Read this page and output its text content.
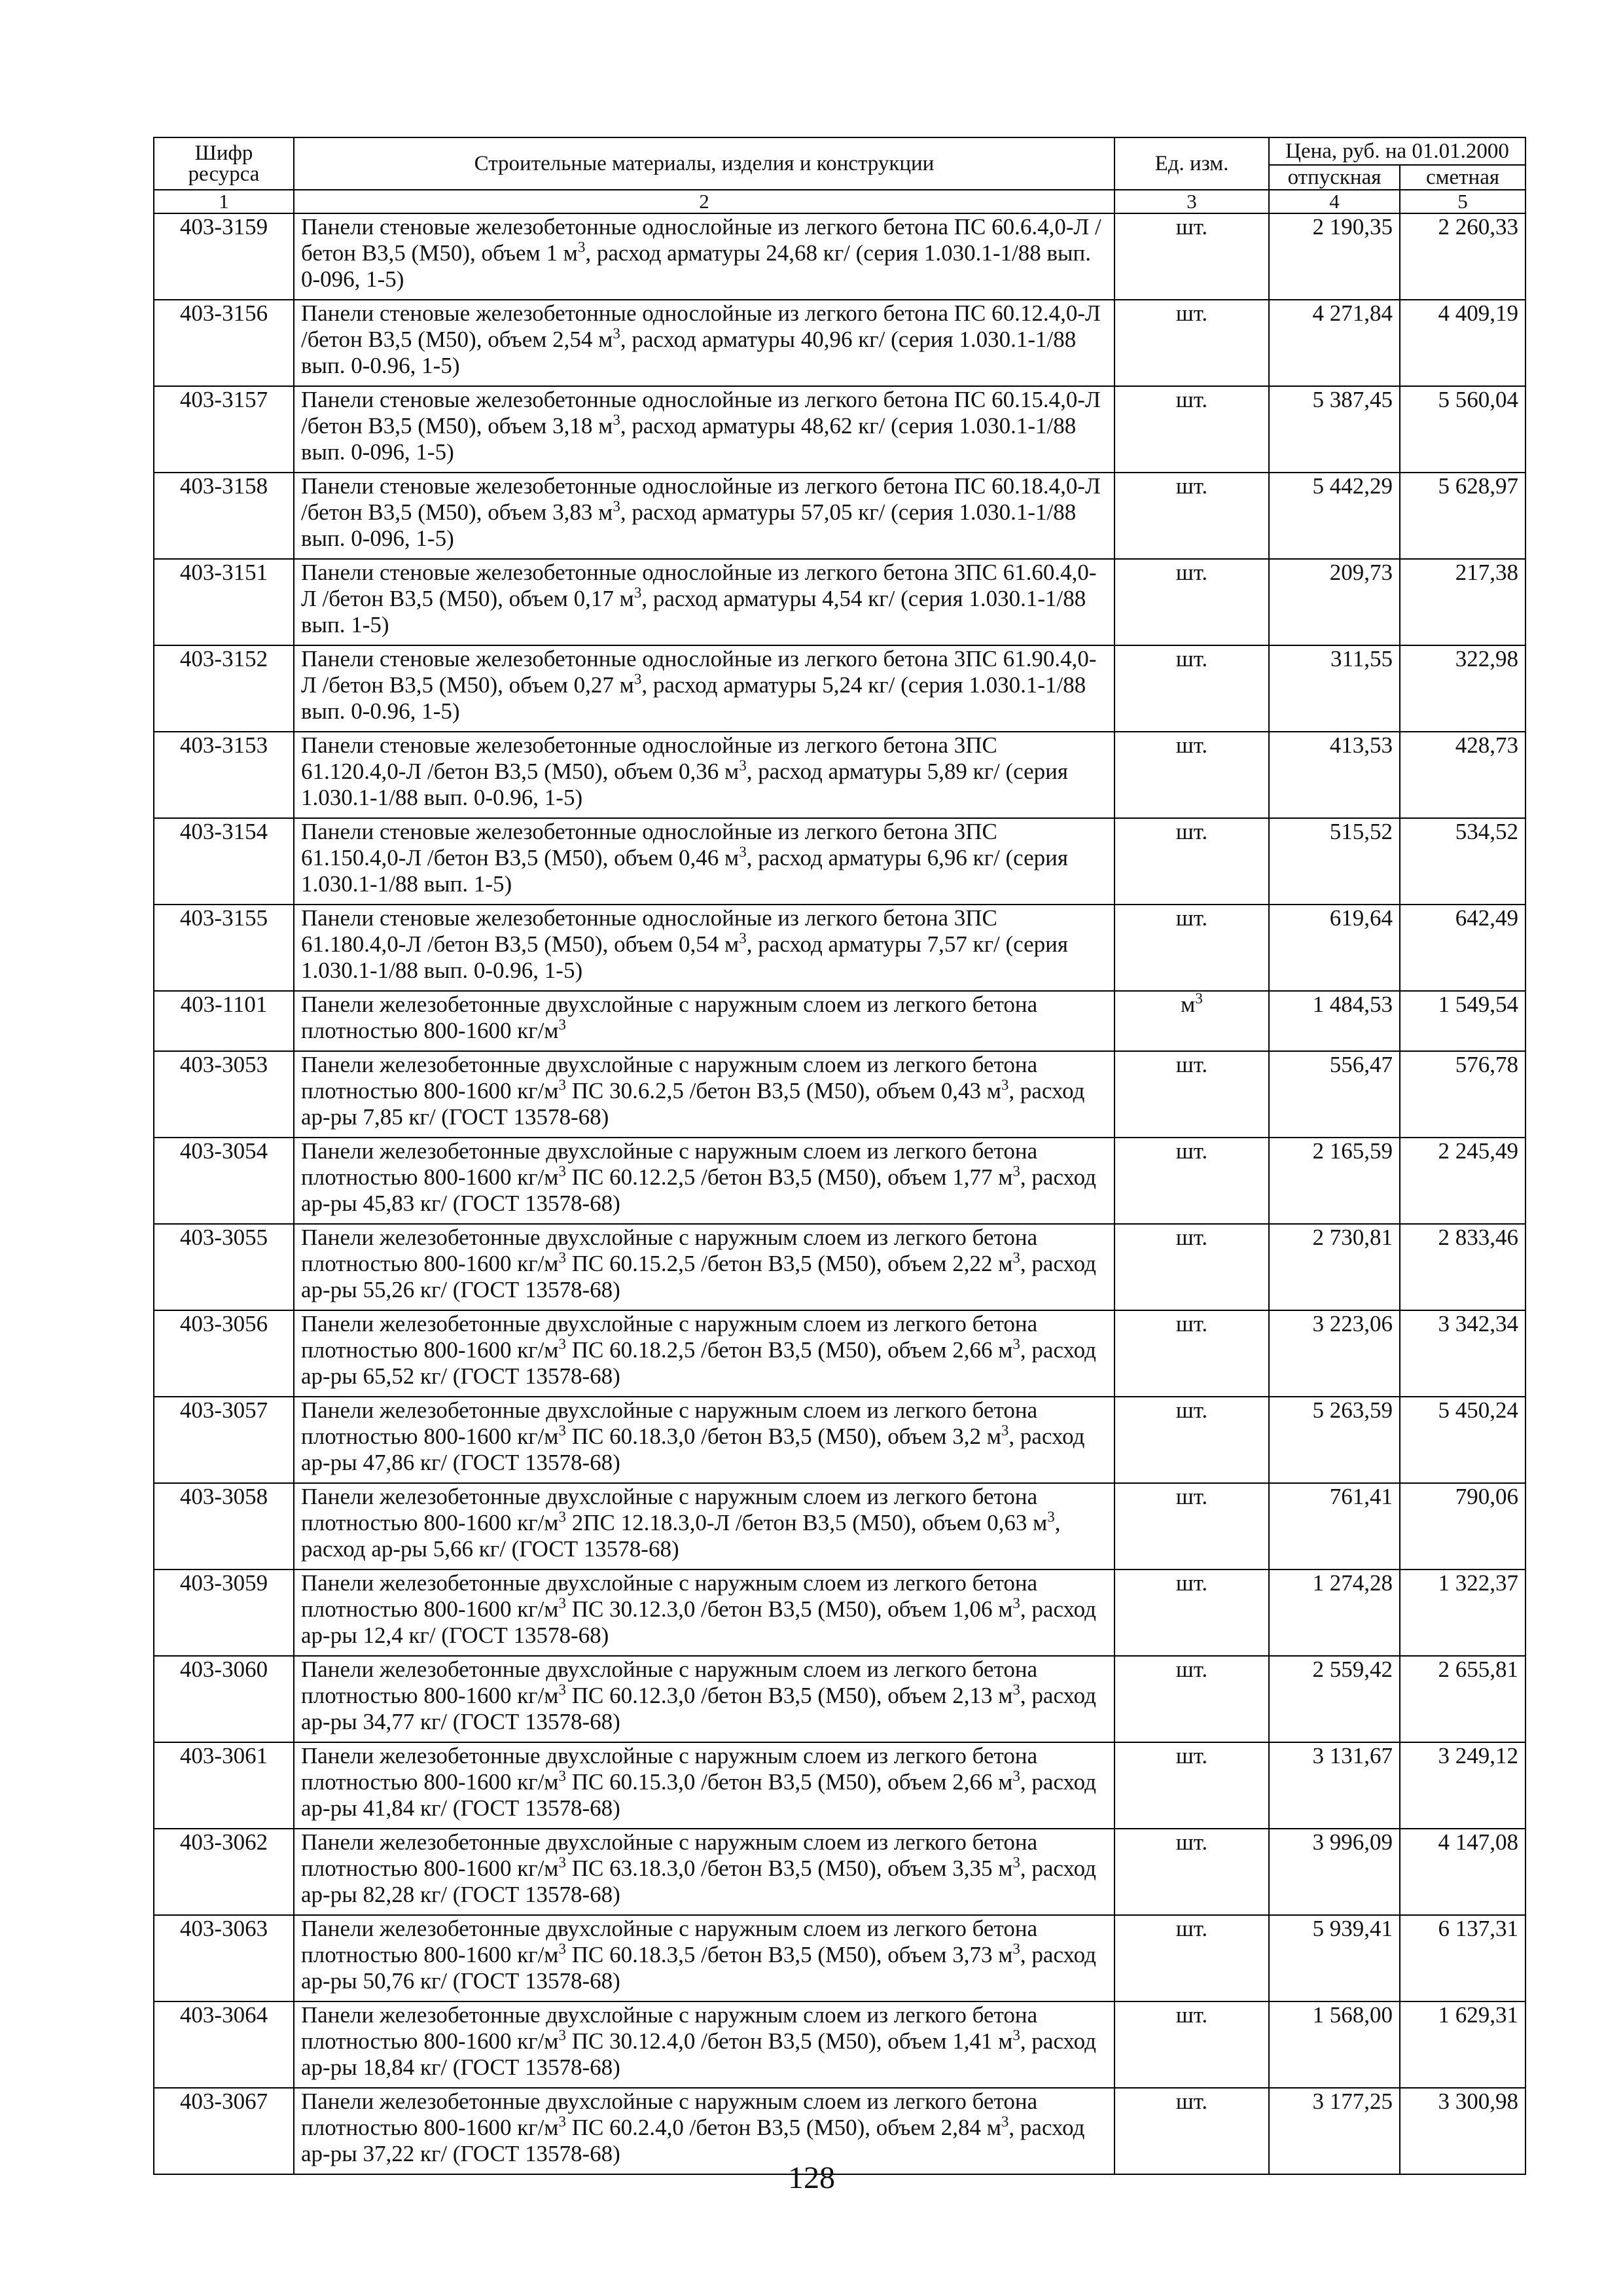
Шифр ресурса	Строительные материалы, изделия и конструкции	Ед. изм.	Цена, руб. на 01.01.2000	
			отпускная	сметная
1	2	3	4	5
403-3159	Панели стеновые железобетонные однослойные из легкого бетона ПС 60.6.4,0-Л /бетон В3,5 (М50), объем 1 $м^3$, расход арматуры 24,68 кг/ (серия 1.030.1-1/88 вып. 0-096, 1-5)	шт.	2 190,35	2 260,33
403-3156	Панели стеновые железобетонные однослойные из легкого бетона ПС 60.12.4,0-Л /бетон В3,5 (М50), объем 2,54 $м^3$, расход арматуры 40,96 кг/ (серия 1.030.1-1/88 вып. 0-0.96, 1-5)	шт.	4 271,84	4 409,19
403-3157	Панели стеновые железобетонные однослойные из легкого бетона ПС 60.15.4,0-Л /бетон В3,5 (М50), объем 3,18 $м^3$, расход арматуры 48,62 кг/ (серия 1.030.1-1/88 вып. 0-096, 1-5)	шт.	5 387,45	5 560,04
403-3158	Панели стеновые железобетонные однослойные из легкого бетона ПС 60.18.4,0-Л /бетон В3,5 (М50), объем 3,83 $м^3$, расход арматуры 57,05 кг/ (серия 1.030.1-1/88 вып. 0-096, 1-5)	шт.	5 442,29	5 628,97
403-3151	Панели стеновые железобетонные однослойные из легкого бетона 3ПС 61.60.4,0-Л /бетон В3,5 (М50), объем 0,17 $м^3$, расход арматуры 4,54 кг/ (серия 1.030.1-1/88 вып. 1-5)	шт.	209,73	217,38
403-3152	Панели стеновые железобетонные однослойные из легкого бетона 3ПС 61.90.4,0-Л /бетон В3,5 (М50), объем 0,27 $м^3$, расход арматуры 5,24 кг/ (серия 1.030.1-1/88 вып. 0-0.96, 1-5)	шт.	311,55	322,98
403-3153	Панели стеновые железобетонные однослойные из легкого бетона 3ПС 61.120.4,0-Л /бетон В3,5 (М50), объем 0,36 $м^3$, расход арматуры 5,89 кг/ (серия 1.030.1-1/88 вып. 0-0.96, 1-5)	шт.	413,53	428,73
403-3154	Панели стеновые железобетонные однослойные из легкого бетона 3ПС 61.150.4,0-Л /бетон В3,5 (М50), объем 0,46 $м^3$, расход арматуры 6,96 кг/ (серия 1.030.1-1/88 вып. 1-5)	шт.	515,52	534,52
403-3155	Панели стеновые железобетонные однослойные из легкого бетона 3ПС 61.180.4,0-Л /бетон В3,5 (М50), объем 0,54 $м^3$, расход арматуры 7,57 кг/ (серия 1.030.1-1/88 вып. 0-0.96, 1-5)	шт.	619,64	642,49
403-1101	Панели железобетонные двухслойные с наружным слоем из легкого бетона плотностью 800-1600 $кг/м^3$	$м^3$	1 484,53	1 549,54
403-3053	Панели железобетонные двухслойные с наружным слоем из легкого бетона плотностью 800-1600 $кг/м^3$ ПС 30.6.2,5 /бетон В3,5 (М50), объем 0,43 $м^3$, расход ар-ры 7,85 кг/ (ГОСТ 13578-68)	шт.	556,47	576,78
403-3054	Панели железобетонные двухслойные с наружным слоем из легкого бетона плотностью 800-1600 $кг/м^3$ ПС 60.12.2,5 /бетон В3,5 (М50), объем 1,77 $м^3$, расход ар-ры 45,83 кг/ (ГОСТ 13578-68)	шт.	2 165,59	2 245,49
403-3055	Панели железобетонные двухслойные с наружным слоем из легкого бетона плотностью 800-1600 $кг/м^3$ ПС 60.15.2,5 /бетон В3,5 (М50), объем 2,22 $м^3$, расход ар-ры 55,26 кг/ (ГОСТ 13578-68)	шт.	2 730,81	2 833,46
403-3056	Панели железобетонные двухслойные с наружным слоем из легкого бетона плотностью 800-1600 $кг/м^3$ ПС 60.18.2,5 /бетон В3,5 (М50), объем 2,66 $м^3$, расход ар-ры 65,52 кг/ (ГОСТ 13578-68)	шт.	3 223,06	3 342,34
403-3057	Панели железобетонные двухслойные с наружным слоем из легкого бетона плотностью 800-1600 $кг/м^3$ ПС 60.18.3,0 /бетон В3,5 (М50), объем 3,2 $м^3$, расход ар-ры 47,86 кг/ (ГОСТ 13578-68)	шт.	5 263,59	5 450,24
403-3058	Панели железобетонные двухслойные с наружным слоем из легкого бетона плотностью 800-1600 $кг/м^3$ 2ПС 12.18.3,0-Л /бетон В3,5 (М50), объем 0,63 $м^3$, расход ар-ры 5,66 кг/ (ГОСТ 13578-68)	шт.	761,41	790,06
403-3059	Панели железобетонные двухслойные с наружным слоем из легкого бетона плотностью 800-1600 $кг/м^3$ ПС 30.12.3,0 /бетон В3,5 (М50), объем 1,06 $м^3$, расход ар-ры 12,4 кг/ (ГОСТ 13578-68)	шт.	1 274,28	1 322,37
403-3060	Панели железобетонные двухслойные с наружным слоем из легкого бетона плотностью 800-1600 $кг/м^3$ ПС 60.12.3,0 /бетон В3,5 (М50), объем 2,13 $м^3$, расход ар-ры 34,77 кг/ (ГОСТ 13578-68)	шт.	2 559,42	2 655,81
403-3061	Панели железобетонные двухслойные с наружным слоем из легкого бетона плотностью 800-1600 $кг/м^3$ ПС 60.15.3,0 /бетон В3,5 (М50), объем 2,66 $м^3$, расход ар-ры 41,84 кг/ (ГОСТ 13578-68)	шт.	3 131,67	3 249,12
403-3062	Панели железобетонные двухслойные с наружным слоем из легкого бетона плотностью 800-1600 $кг/м^3$ ПС 63.18.3,0 /бетон В3,5 (М50), объем 3,35 $м^3$, расход ар-ры 82,28 кг/ (ГОСТ 13578-68)	шт.	3 996,09	4 147,08
403-3063	Панели железобетонные двухслойные с наружным слоем из легкого бетона плотностью 800-1600 $кг/м^3$ ПС 60.18.3,5 /бетон В3,5 (М50), объем 3,73 $м^3$, расход ар-ры 50,76 кг/ (ГОСТ 13578-68)	шт.	5 939,41	6 137,31
403-3064	Панели железобетонные двухслойные с наружным слоем из легкого бетона плотностью 800-1600 $кг/м^3$ ПС 30.12.4,0 /бетон В3,5 (М50), объем 1,41 $м^3$, расход ар-ры 18,84 кг/ (ГОСТ 13578-68)	шт.	1 568,00	1 629,31
403-3067	Панели железобетонные двухслойные с наружным слоем из легкого бетона плотностью 800-1600 $кг/м^3$ ПС 60.2.4,0 /бетон В3,5 (М50), объем 2,84 $м^3$, расход ар-ры 37,22 кг/ (ГОСТ 13578-68)	шт.	3 177,25	3 300,98
128
